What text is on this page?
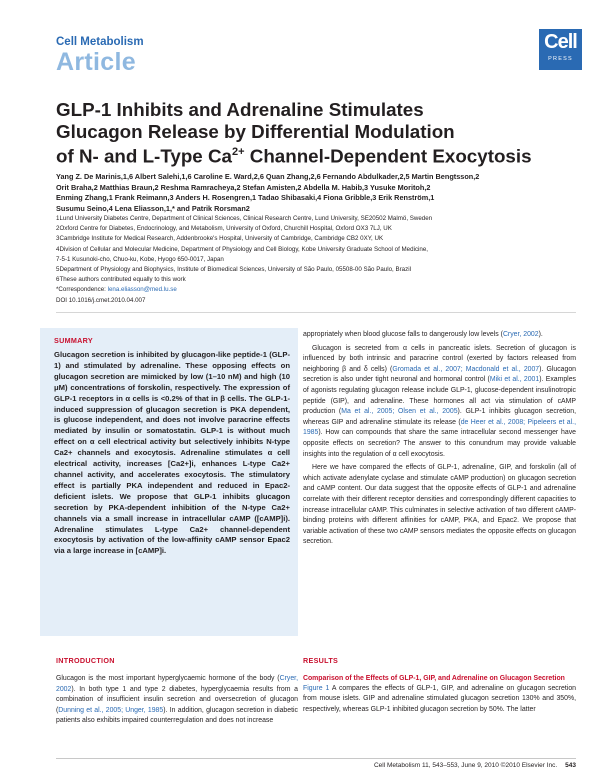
Cell Metabolism
Article
Cell
PRESS
GLP-1 Inhibits and Adrenaline Stimulates
Glucagon Release by Differential Modulation
of N- and L-Type $Ca^{2+}$ Channel-Dependent Exocytosis
Yang Z. De Marinis,1,6 Albert Salehi,1,6 Caroline E. Ward,2,6 Quan Zhang,2,6 Fernando Abdulkader,2,5 Martin Bengtsson,2
Orit Braha,2 Matthias Braun,2 Reshma Ramracheya,2 Stefan Amisten,2 Abdella M. Habib,3 Yusuke Moritoh,2
Enming Zhang,1 Frank Reimann,3 Anders H. Rosengren,1 Tadao Shibasaki,4 Fiona Gribble,3 Erik Renström,1
Susumu Seino,4 Lena Eliasson,1,* and Patrik Rorsman2
1Lund University Diabetes Centre, Department of Clinical Sciences, Clinical Research Centre, Lund University, SE20502 Malmö, Sweden
2Oxford Centre for Diabetes, Endocrinology, and Metabolism, University of Oxford, Churchill Hospital, Oxford OX3 7LJ, UK
3Cambridge Institute for Medical Research, Addenbrooke's Hospital, University of Cambridge, Cambridge CB2 0XY, UK
4Division of Cellular and Molecular Medicine, Department of Physiology and Cell Biology, Kobe University Graduate School of Medicine,
7-5-1 Kusunoki-cho, Chuo-ku, Kobe, Hyogo 650-0017, Japan
5Department of Physiology and Biophysics, Institute of Biomedical Sciences, University of São Paulo, 05508-00 São Paulo, Brazil
6These authors contributed equally to this work
*Correspondence: lena.eliasson@med.lu.se
DOI 10.1016/j.cmet.2010.04.007
SUMMARY
Glucagon secretion is inhibited by glucagon-like peptide-1 (GLP-1) and stimulated by adrenaline. These opposing effects on glucagon secretion are mimicked by low (1–10 nM) and high (10 μM) concentrations of forskolin, respectively. The expression of GLP-1 receptors in α cells is <0.2% of that in β cells. The GLP-1-induced suppression of glucagon secretion is PKA dependent, is glucose independent, and does not involve paracrine effects mediated by insulin or somatostatin. GLP-1 is without much effect on α cell electrical activity but selectively inhibits N-type Ca2+ channels and exocytosis. Adrenaline stimulates α cell electrical activity, increases [Ca2+]i, enhances L-type Ca2+ channel activity, and accelerates exocytosis. The stimulatory effect is partially PKA independent and reduced in Epac2-deficient islets. We propose that GLP-1 inhibits glucagon secretion by PKA-dependent inhibition of the N-type Ca2+ channels via a small increase in intracellular cAMP ([cAMP]i). Adrenaline stimulates L-type Ca2+ channel-dependent exocytosis by activation of the low-affinity cAMP sensor Epac2 via a large increase in [cAMP]i.

appropriately when blood glucose falls to dangerously low levels (Cryer, 2002).

Glucagon is secreted from α cells in pancreatic islets. Secretion of glucagon is influenced by both intrinsic and paracrine control (exerted by factors released from neighboring β and δ cells) (Gromada et al., 2007; Macdonald et al., 2007). Glucagon secretion is also under tight neuronal and hormonal control (Miki et al., 2001). Examples of agonists regulating glucagon release include GLP-1, glucose-dependent insulinotropic peptide (GIP), and adrenaline. These hormones all act via stimulation of cAMP production (Ma et al., 2005; Olsen et al., 2005). GLP-1 inhibits glucagon secretion, whereas GIP and adrenaline stimulate its release (de Heer et al., 2008; Pipeleers et al., 1985). How can compounds that share the same intracellular second messenger have opposite effects on secretion? The answer to this conundrum may provide valuable insights into the regulation of α cell exocytosis.

Here we have compared the effects of GLP-1, adrenaline, GIP, and forskolin (all of which activate adenylate cyclase and stimulate cAMP production) on glucagon secretion and cAMP content. Our data suggest that the opposite effects of GLP-1 and adrenaline correlate with their different receptor densities and correspondingly different capacities to increase intracellular cAMP. This culminates in selective activation of two different cAMP-binding proteins with different affinities for cAMP, PKA, and Epac2. We propose that variable activation of these two cAMP sensors mediates the opposite effects on glucagon secretion.

INTRODUCTION	RESULTS
Glucagon is the most important hyperglycaemic hormone of the body (Cryer, 2002). In both type 1 and type 2 diabetes, hyperglycaemia results from a combination of insufficient insulin secretion and oversecretion of glucagon (Dunning et al., 2005; Unger, 1985). In addition, glucagon secretion in diabetic patients also exhibits impaired counterregulation and does not increase
Comparison of the Effects of GLP-1, GIP, and Adrenaline on Glucagon Secretion
Figure 1 A compares the effects of GLP-1, GIP, and adrenaline on glucagon secretion from mouse islets. GIP and adrenaline stimulated glucagon secretion 130% and 350%, respectively, whereas GLP-1 inhibited glucagon secretion by 50%. The latter
Cell Metabolism 11, 543–553, June 9, 2010 ©2010 Elsevier Inc. 543
